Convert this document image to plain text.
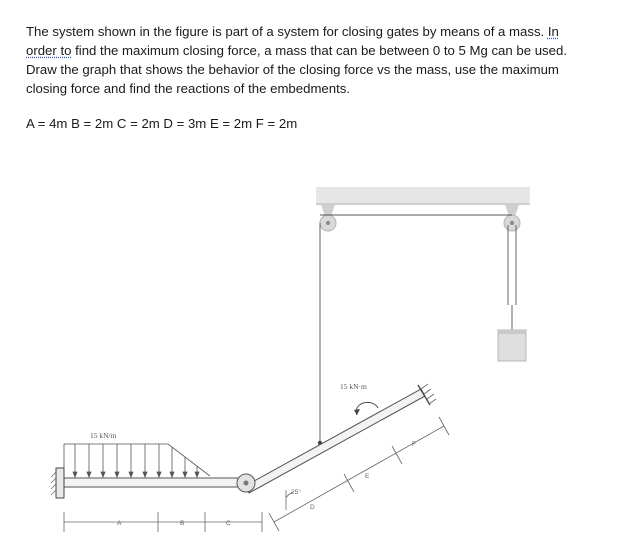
The system shown in the figure is part of a system for closing gates by means of a mass. In

order to find the maximum closing force, a mass that can be between 0 to 5 Mg can be used.

Draw the graph that shows the behavior of the closing force vs the mass, use the maximum

closing force and find the reactions of the embedments.

A = 4m B = 2m C = 2m D = 3m E = 2m F = 2m
15 kN·m
15 kN/m
25°
A	B	C
D
E
F
